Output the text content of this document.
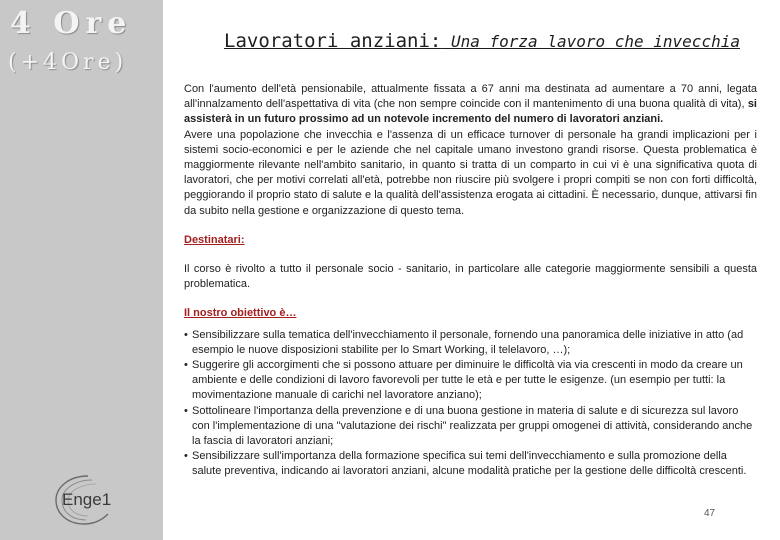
4 Ore
(+4Ore)
Enge1
Lavoratori anziani: Una forza lavoro che invecchia

Con l'aumento dell'età pensionabile, attualmente fissata a 67 anni ma destinata ad aumentare a 70 anni, legata all'innalzamento dell'aspettativa di vita (che non sempre coincide con il mantenimento di una buona qualità di vita), si assisterà in un futuro prossimo ad un notevole incremento del numero di lavoratori anziani.

Avere una popolazione che invecchia e l'assenza di un efficace turnover di personale ha grandi implicazioni per i sistemi socio-economici e per le aziende che nel capitale umano investono grandi risorse. Questa problematica è maggiormente rilevante nell'ambito sanitario, in quanto si tratta di un comparto in cui vi è una significativa quota di lavoratori, che per motivi correlati all'età, potrebbe non riuscire più svolgere i propri compiti se non con forti difficoltà, peggiorando il proprio stato di salute e la qualità dell'assistenza erogata ai cittadini. È necessario, dunque, attivarsi fin da subito nella gestione e organizzazione di questo tema.

Destinatari:

Il corso è rivolto a tutto il personale socio - sanitario, in particolare alle categorie maggiormente sensibili a questa problematica.

Il nostro obiettivo è…

• Sensibilizzare sulla tematica dell'invecchiamento il personale, fornendo una panoramica delle iniziative in atto (ad esempio le nuove disposizioni stabilite per lo Smart Working, il telelavoro, …);
• Suggerire gli accorgimenti che si possono attuare per diminuire le difficoltà via via crescenti in modo da creare un ambiente e delle condizioni di lavoro favorevoli per tutte le età e per tutte le esigenze. (un esempio per tutti: la movimentazione manuale di carichi nel lavoratore anziano);
• Sottolineare l'importanza della prevenzione e di una buona gestione in materia di salute e di sicurezza sul lavoro con l'implementazione di una "valutazione dei rischi" realizzata per gruppi omogenei di attività, considerando anche la fascia di lavoratori anziani;
• Sensibilizzare sull'importanza della formazione specifica sui temi dell'invecchiamento e sulla promozione della salute preventiva, indicando ai lavoratori anziani, alcune modalità pratiche per la gestione delle difficoltà crescenti.
47
